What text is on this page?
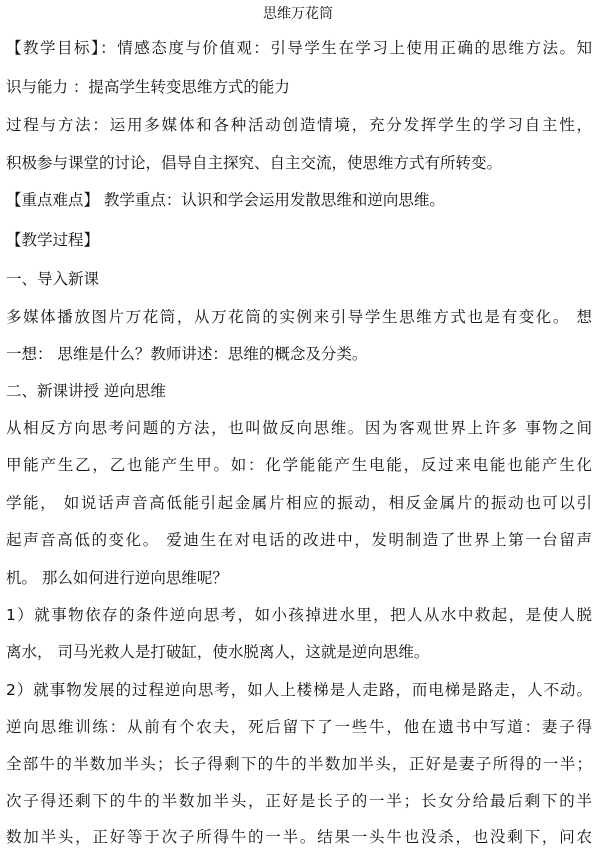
思维万花筒
【教学目标】：情感态度与价值观：引导学生在学习上使用正确的思维方法。知
识与能力 ：提高学生转变思维方式的能力
过程与方法：运用多媒体和各种活动创造情境，充分发挥学生的学习自主性，
积极参与课堂的讨论，倡导自主探究、自主交流，使思维方式有所转变。
【重点难点】 教学重点：认识和学会运用发散思维和逆向思维。
【教学过程】
一、导入新课
多媒体播放图片万花筒，从万花筒的实例来引导学生思维方式也是有变化。 想
一想： 思维是什么？教师讲述：思维的概念及分类。
二、新课讲授 逆向思维
从相反方向思考问题的方法，也叫做反向思维。因为客观世界上许多 事物之间
甲能产生乙，乙也能产生甲。如：化学能能产生电能，反过来电能也能产生化
学能， 如说话声音高低能引起金属片相应的振动，相反金属片的振动也可以引
起声音高低的变化。 爱迪生在对电话的改进中，发明制造了世界上第一台留声
机。 那么如何进行逆向思维呢？
1）就事物依存的条件逆向思考，如小孩掉进水里，把人从水中救起，是使人脱
离水， 司马光救人是打破缸，使水脱离人，这就是逆向思维。
2）就事物发展的过程逆向思考，如人上楼梯是人走路，而电梯是路走，人不动。
逆向思维训练：从前有个农夫，死后留下了一些牛，他在遗书中写道：妻子得
全部牛的半数加半头；长子得剩下的牛的半数加半头，正好是妻子所得的一半；
次子得还剩下的牛的半数加半头，正好是长子的一半；长女分给最后剩下的半
数加半头，正好等于次子所得牛的一半。结果一头牛也没杀，也没剩下，问农
